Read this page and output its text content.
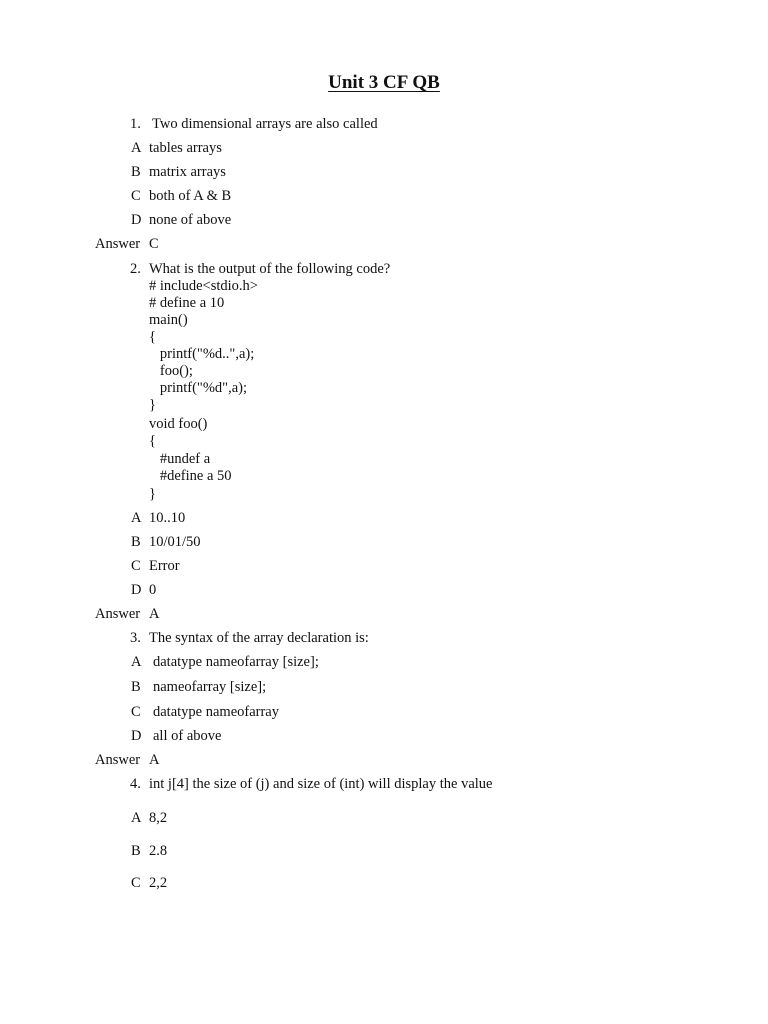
Unit 3 CF QB
1. Two dimensional arrays are also called
A tables arrays
B matrix arrays
C both of A & B
D none of above
Answer C
2. What is the output of the following code?
# include<stdio.h>
# define a 10
main()
{
printf("%d..",a);
foo();
printf("%d",a);
}
void foo()
{
#undef a
#define a 50
}
A 10..10
B 10/01/50
C Error
D 0
Answer A
3. The syntax of the array declaration is:
A datatype nameofarray [size];
B nameofarray [size];
C datatype nameofarray
D all of above
Answer A
4. int j[4] the size of (j) and size of (int) will display the value
A 8,2
B 2.8
C 2,2
